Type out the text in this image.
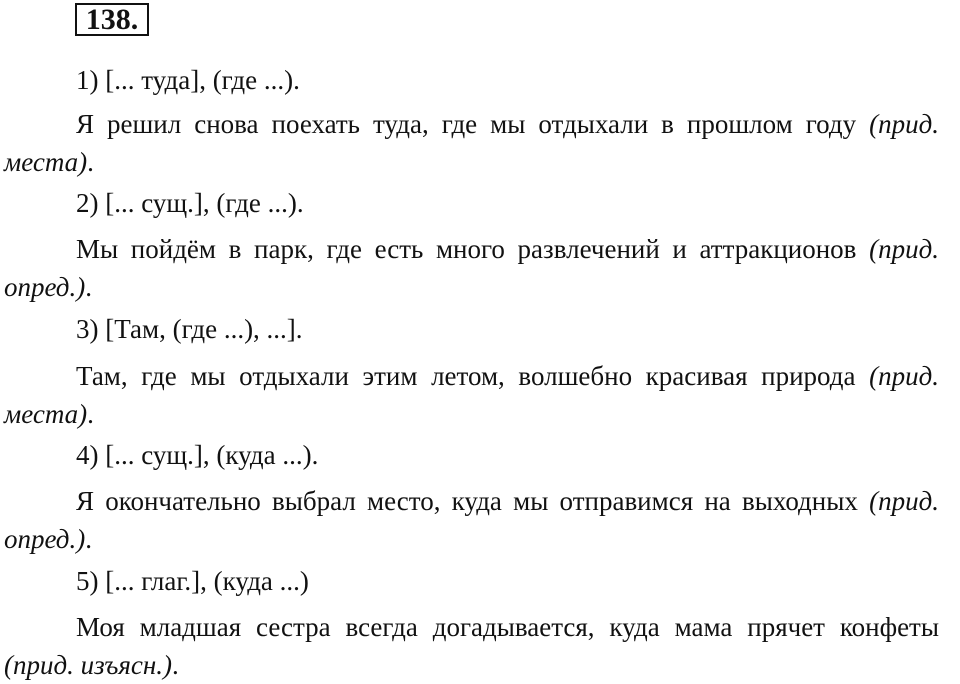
138.
1) [... туда], (где ...).
Я решил снова поехать туда, где мы отдыхали в прошлом году (прид. места).
2) [... сущ.], (где ...).
Мы пойдём в парк, где есть много развлечений и аттракционов (прид. опред.).
3) [Там, (где ...), ...].
Там, где мы отдыхали этим летом, волшебно красивая природа (прид. места).
4) [... сущ.], (куда ...).
Я окончательно выбрал место, куда мы отправимся на выходных (прид. опред.).
5) [... глаг.], (куда ...)
Моя младшая сестра всегда догадывается, куда мама прячет конфеты (прид. изъясн.).
